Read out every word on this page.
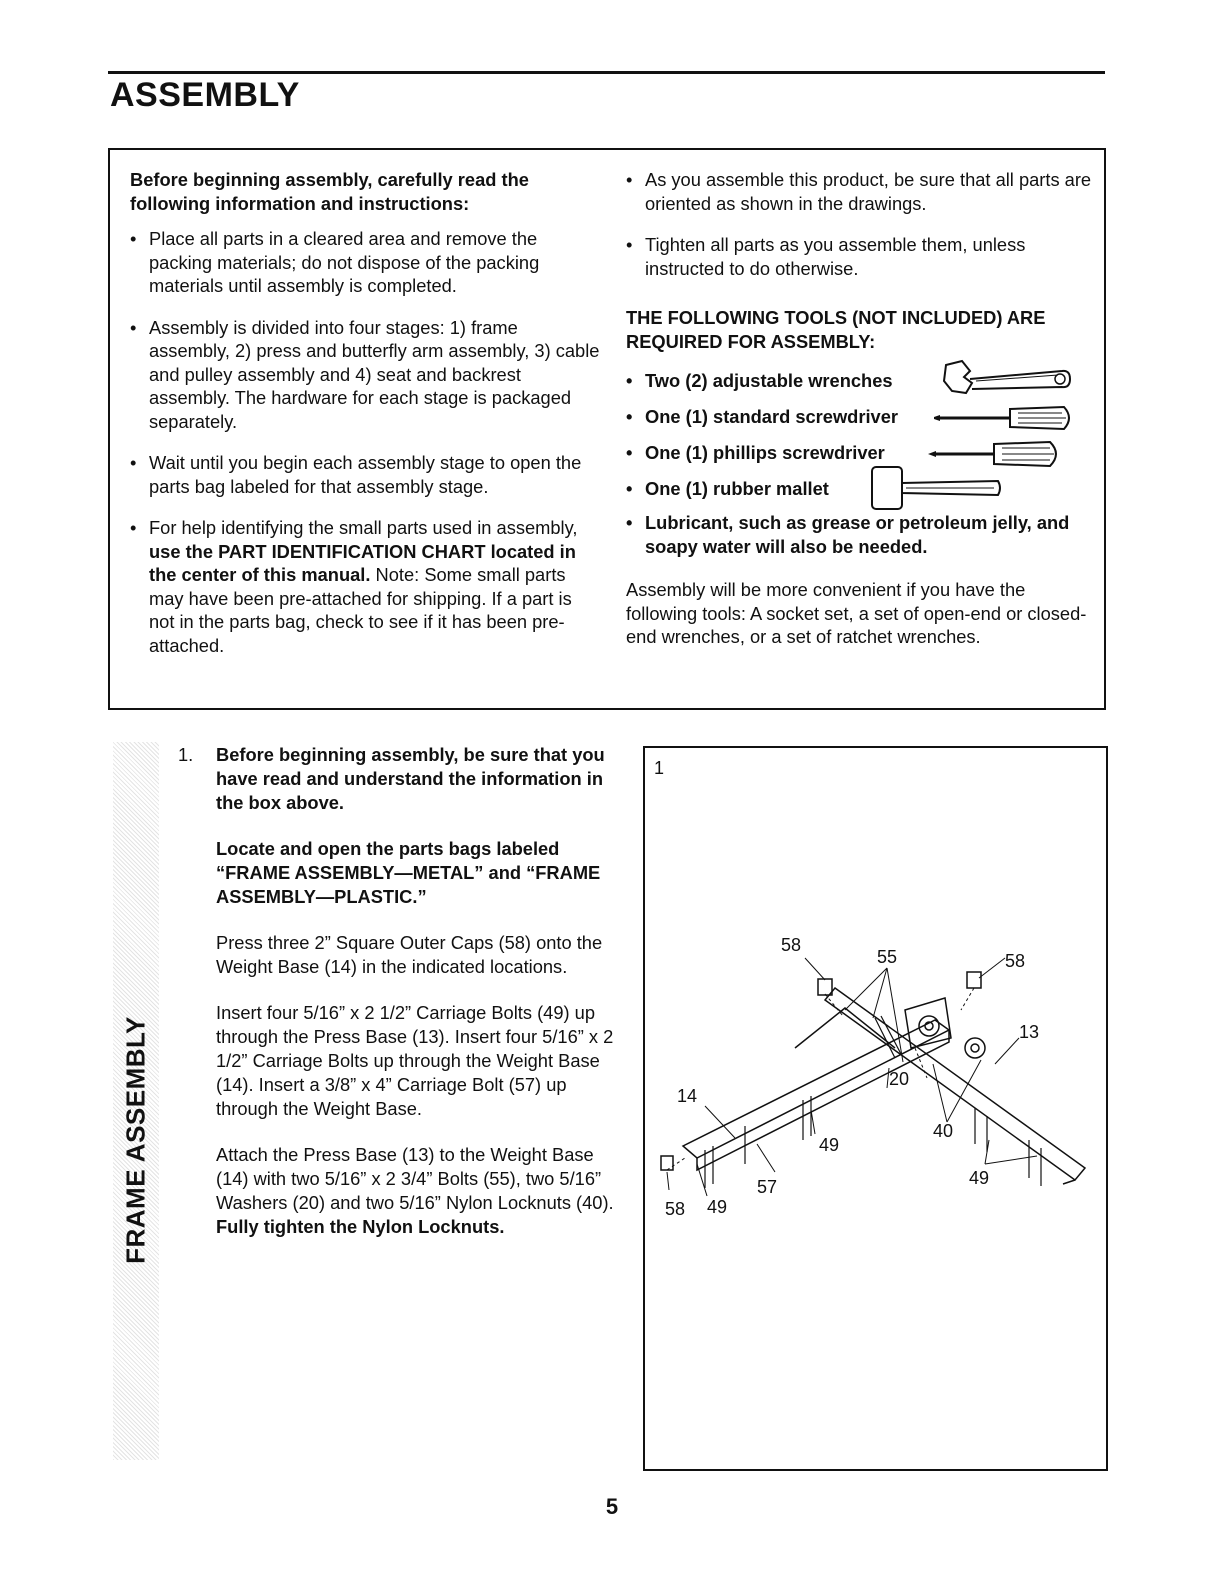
ASSEMBLY

Before beginning assembly, carefully read the following information and instructions:

• Place all parts in a cleared area and remove the packing materials; do not dispose of the packing materials until assembly is completed.
• Assembly is divided into four stages: 1) frame assembly, 2) press and butterfly arm assembly, 3) cable and pulley assembly and 4) seat and backrest assembly. The hardware for each stage is packaged separately.
• Wait until you begin each assembly stage to open the parts bag labeled for that assembly stage.
• For help identifying the small parts used in assembly, use the PART IDENTIFICATION CHART located in the center of this manual. Note: Some small parts may have been pre-attached for shipping. If a part is not in the parts bag, check to see if it has been pre-attached.
• As you assemble this product, be sure that all parts are oriented as shown in the drawings.
• Tighten all parts as you assemble them, unless instructed to do otherwise.

THE FOLLOWING TOOLS (NOT INCLUDED) ARE REQUIRED FOR ASSEMBLY:

• Two (2) adjustable wrenches
• One (1) standard screwdriver
• One (1) phillips screwdriver
• One (1) rubber mallet

• Lubricant, such as grease or petroleum jelly, and soapy water will also be needed.

Assembly will be more convenient if you have the following tools: A socket set, a set of open-end or closed-end wrenches, or a set of ratchet wrenches.

FRAME ASSEMBLY
1. Before beginning assembly, be sure that you have read and understand the information in the box above.

Locate and open the parts bags labeled “FRAME ASSEMBLY—METAL” and “FRAME ASSEMBLY—PLASTIC.”

Press three 2” Square Outer Caps (58) onto the Weight Base (14) in the indicated locations.

Insert four 5/16” x 2 1/2” Carriage Bolts (49) up through the Press Base (13). Insert four 5/16” x 2 1/2” Carriage Bolts up through the Weight Base (14). Insert a 3/8” x 4” Carriage Bolt (57) up through the Weight Base.

Attach the Press Base (13) to the Weight Base (14) with two 5/16” x 2 3/4” Bolts (55), two 5/16” Washers (20) and two 5/16” Nylon Locknuts (40). Fully tighten the Nylon Locknuts.

1
58
55	58
13
20
14
40
49
57	49
58 49
5
